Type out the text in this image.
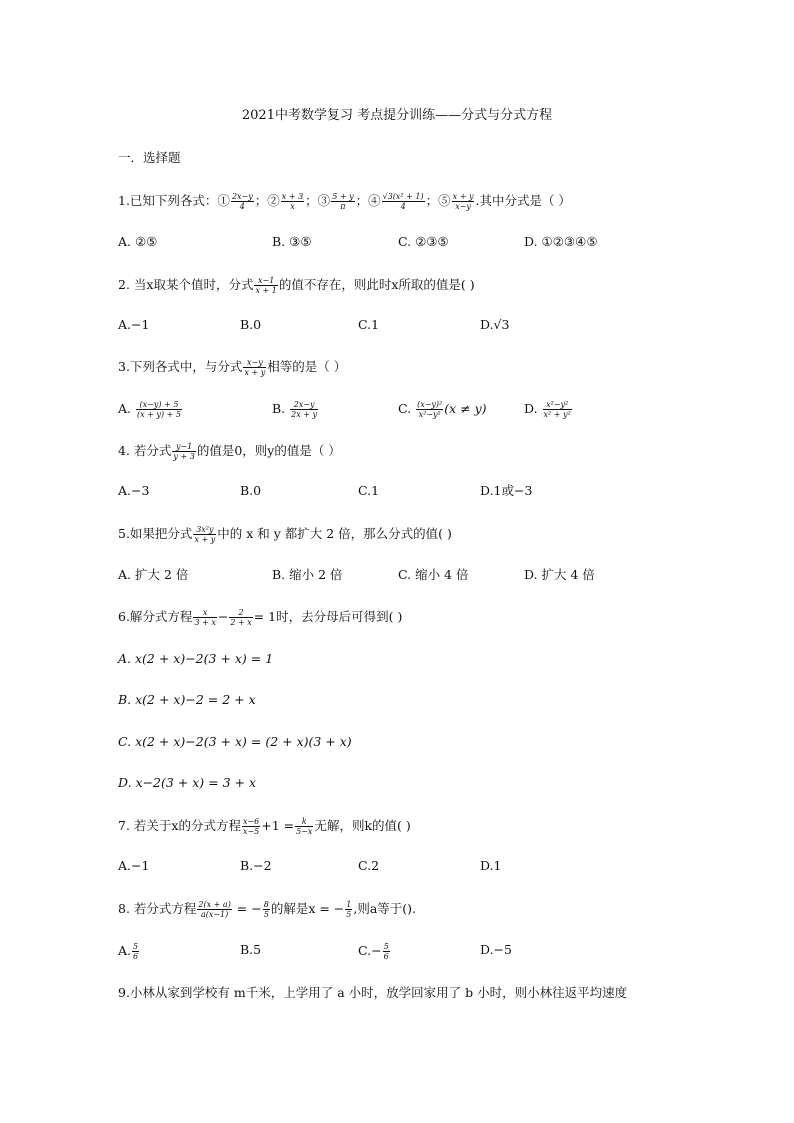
2021中考数学复习 考点提分训练——分式与分式方程
一．选择题
1.已知下列各式：① $\frac{2x-y}{4}$ ；② $\frac{x + 3}{x}$ ；③ $\frac{5 + y}{\pi}$ ；④ $\frac{\text{√3(x² + 1)}}{4}$ ；⑤ $\frac{x + y}{x-y}$ .其中分式是（ ）
A. ②⑤	B. ③⑤	C. ②③⑤	D. ①②③④⑤
2. 当x取某个值时，分式 $\frac{x-1}{x + 1}$ 的值不存在，则此时x所取的值是( )
A.−1	B.0	C.1	D.√3
3.下列各式中，与分式 $\frac{x-y}{x + y}$ 相等的是（ ）
A. $\frac{(x-y) + 5}{(x + y) + 5}$	B. $\frac{2x-y}{2x + y}$	C. $\frac{\text{(x−y)²}}{\text{x²−y²}} (x \ne y)$	D. $\frac{\text{x²−y²}}{\text{x² + y²}}$
4. 若分式 $\frac{y-1}{y + 3}$ 的值是0，则y的值是（ ）
A.−3	B.0	C.1	D.1或−3
5.如果把分式 $\frac{\text{3x²y}}{x + y}$ 中的 x 和 y 都扩大 2 倍，那么分式的值( )
A. 扩大 2 倍	B. 缩小 2 倍	C. 缩小 4 倍	D. 扩大 4 倍
6.解分式方程 $\frac{x}{3 + x} - \frac{2}{2 + x} = 1$时，去分母后可得到( )
A. x(2 + x)−2(3 + x) = 1
B. x(2 + x)−2 = 2 + x
C. x(2 + x)−2(3 + x) = (2 + x)(3 + x)
D. x−2(3 + x) = 3 + x
7. 若关于x的分式方程 $\frac{x-6}{x-5} +1 = \frac{k}{5-x}$ 无解，则k的值( )
A.−1	B.−2	C.2	D.1
8. 若分式方程 $\frac{2(x + a)}{a(x-1)}$ = − $\frac{8}{5}$ 的解是x = − $\frac{1}{5}$ ,则a等于().
A. $\frac{5}{6}$	B.5	$C.- \frac{5}{6}$	D.−5
9.小林从家到学校有 m千米，上学用了 a 小时，放学回家用了 b 小时，则小林往返平均速度
